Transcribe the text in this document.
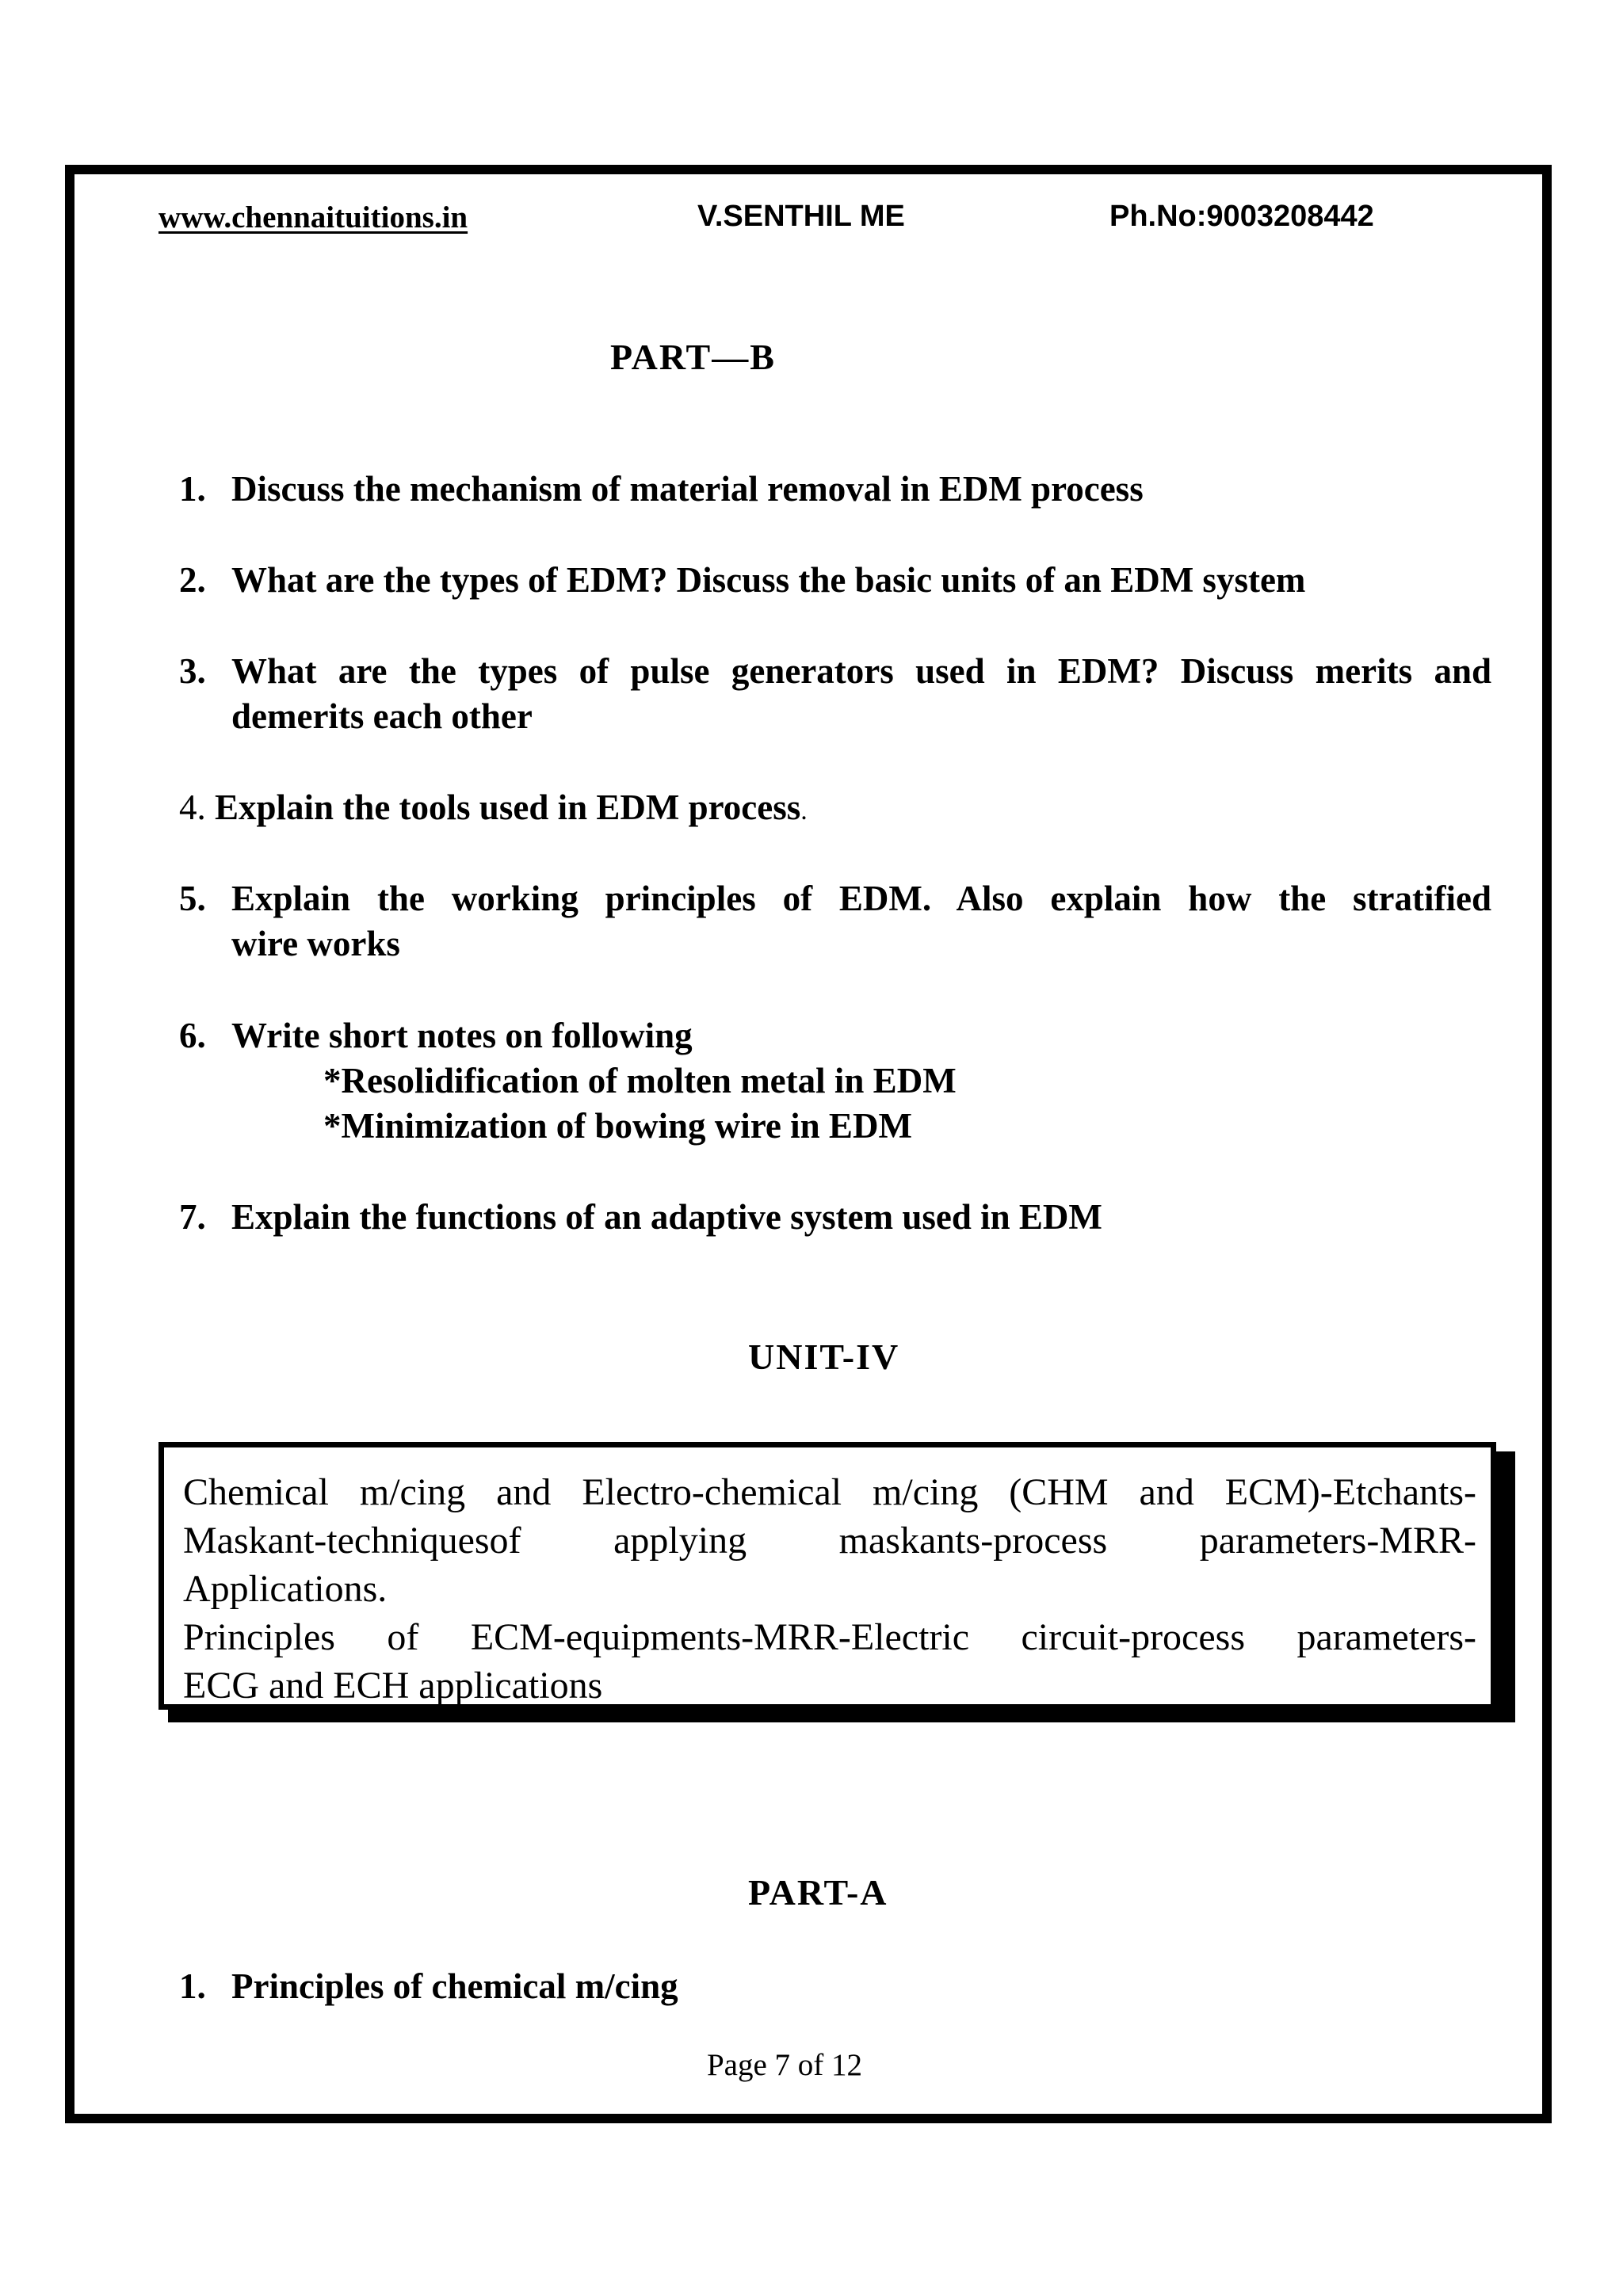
www.chennaituitions.in	V.SENTHIL ME	Ph.No:9003208442
PART—B
1. Discuss the mechanism of material removal in EDM process
2. What are the types of EDM? Discuss the basic units of an EDM system
3. What are the types of pulse generators used in EDM? Discuss merits and
demerits each other
4. Explain the tools used in EDM process.
5. Explain the working principles of EDM. Also explain how the stratified
wire works
6. Write short notes on following
*Resolidification of molten metal in EDM
*Minimization of bowing wire in EDM
7. Explain the functions of an adaptive system used in EDM
UNIT-IV
Chemical m/cing and Electro-chemical m/cing (CHM and ECM)-Etchants-
Maskant-techniquesof applying maskants-process parameters-MRR-
Applications.
Principles of ECM-equipments-MRR-Electric circuit-process parameters-
ECG and ECH applications
PART-A
1. Principles of chemical m/cing
Page 7 of 12
